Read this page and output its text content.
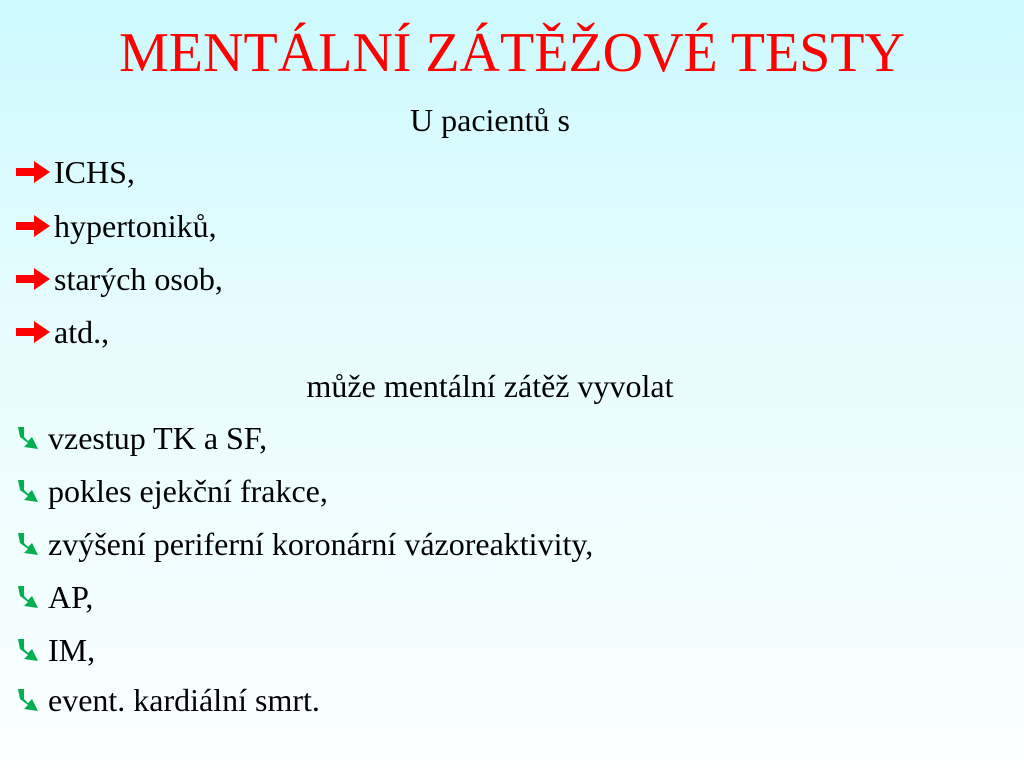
MENTÁLNÍ ZÁTĚŽOVÉ TESTY
U pacientů s
ICHS,
hypertoniků,
starých osob,
atd.,
může mentální zátěž vyvolat
vzestup TK a SF,
pokles ejekční frakce,
zvýšení periferní koronární vázoreaktivity,
AP,
IM,
event. kardiální smrt.
